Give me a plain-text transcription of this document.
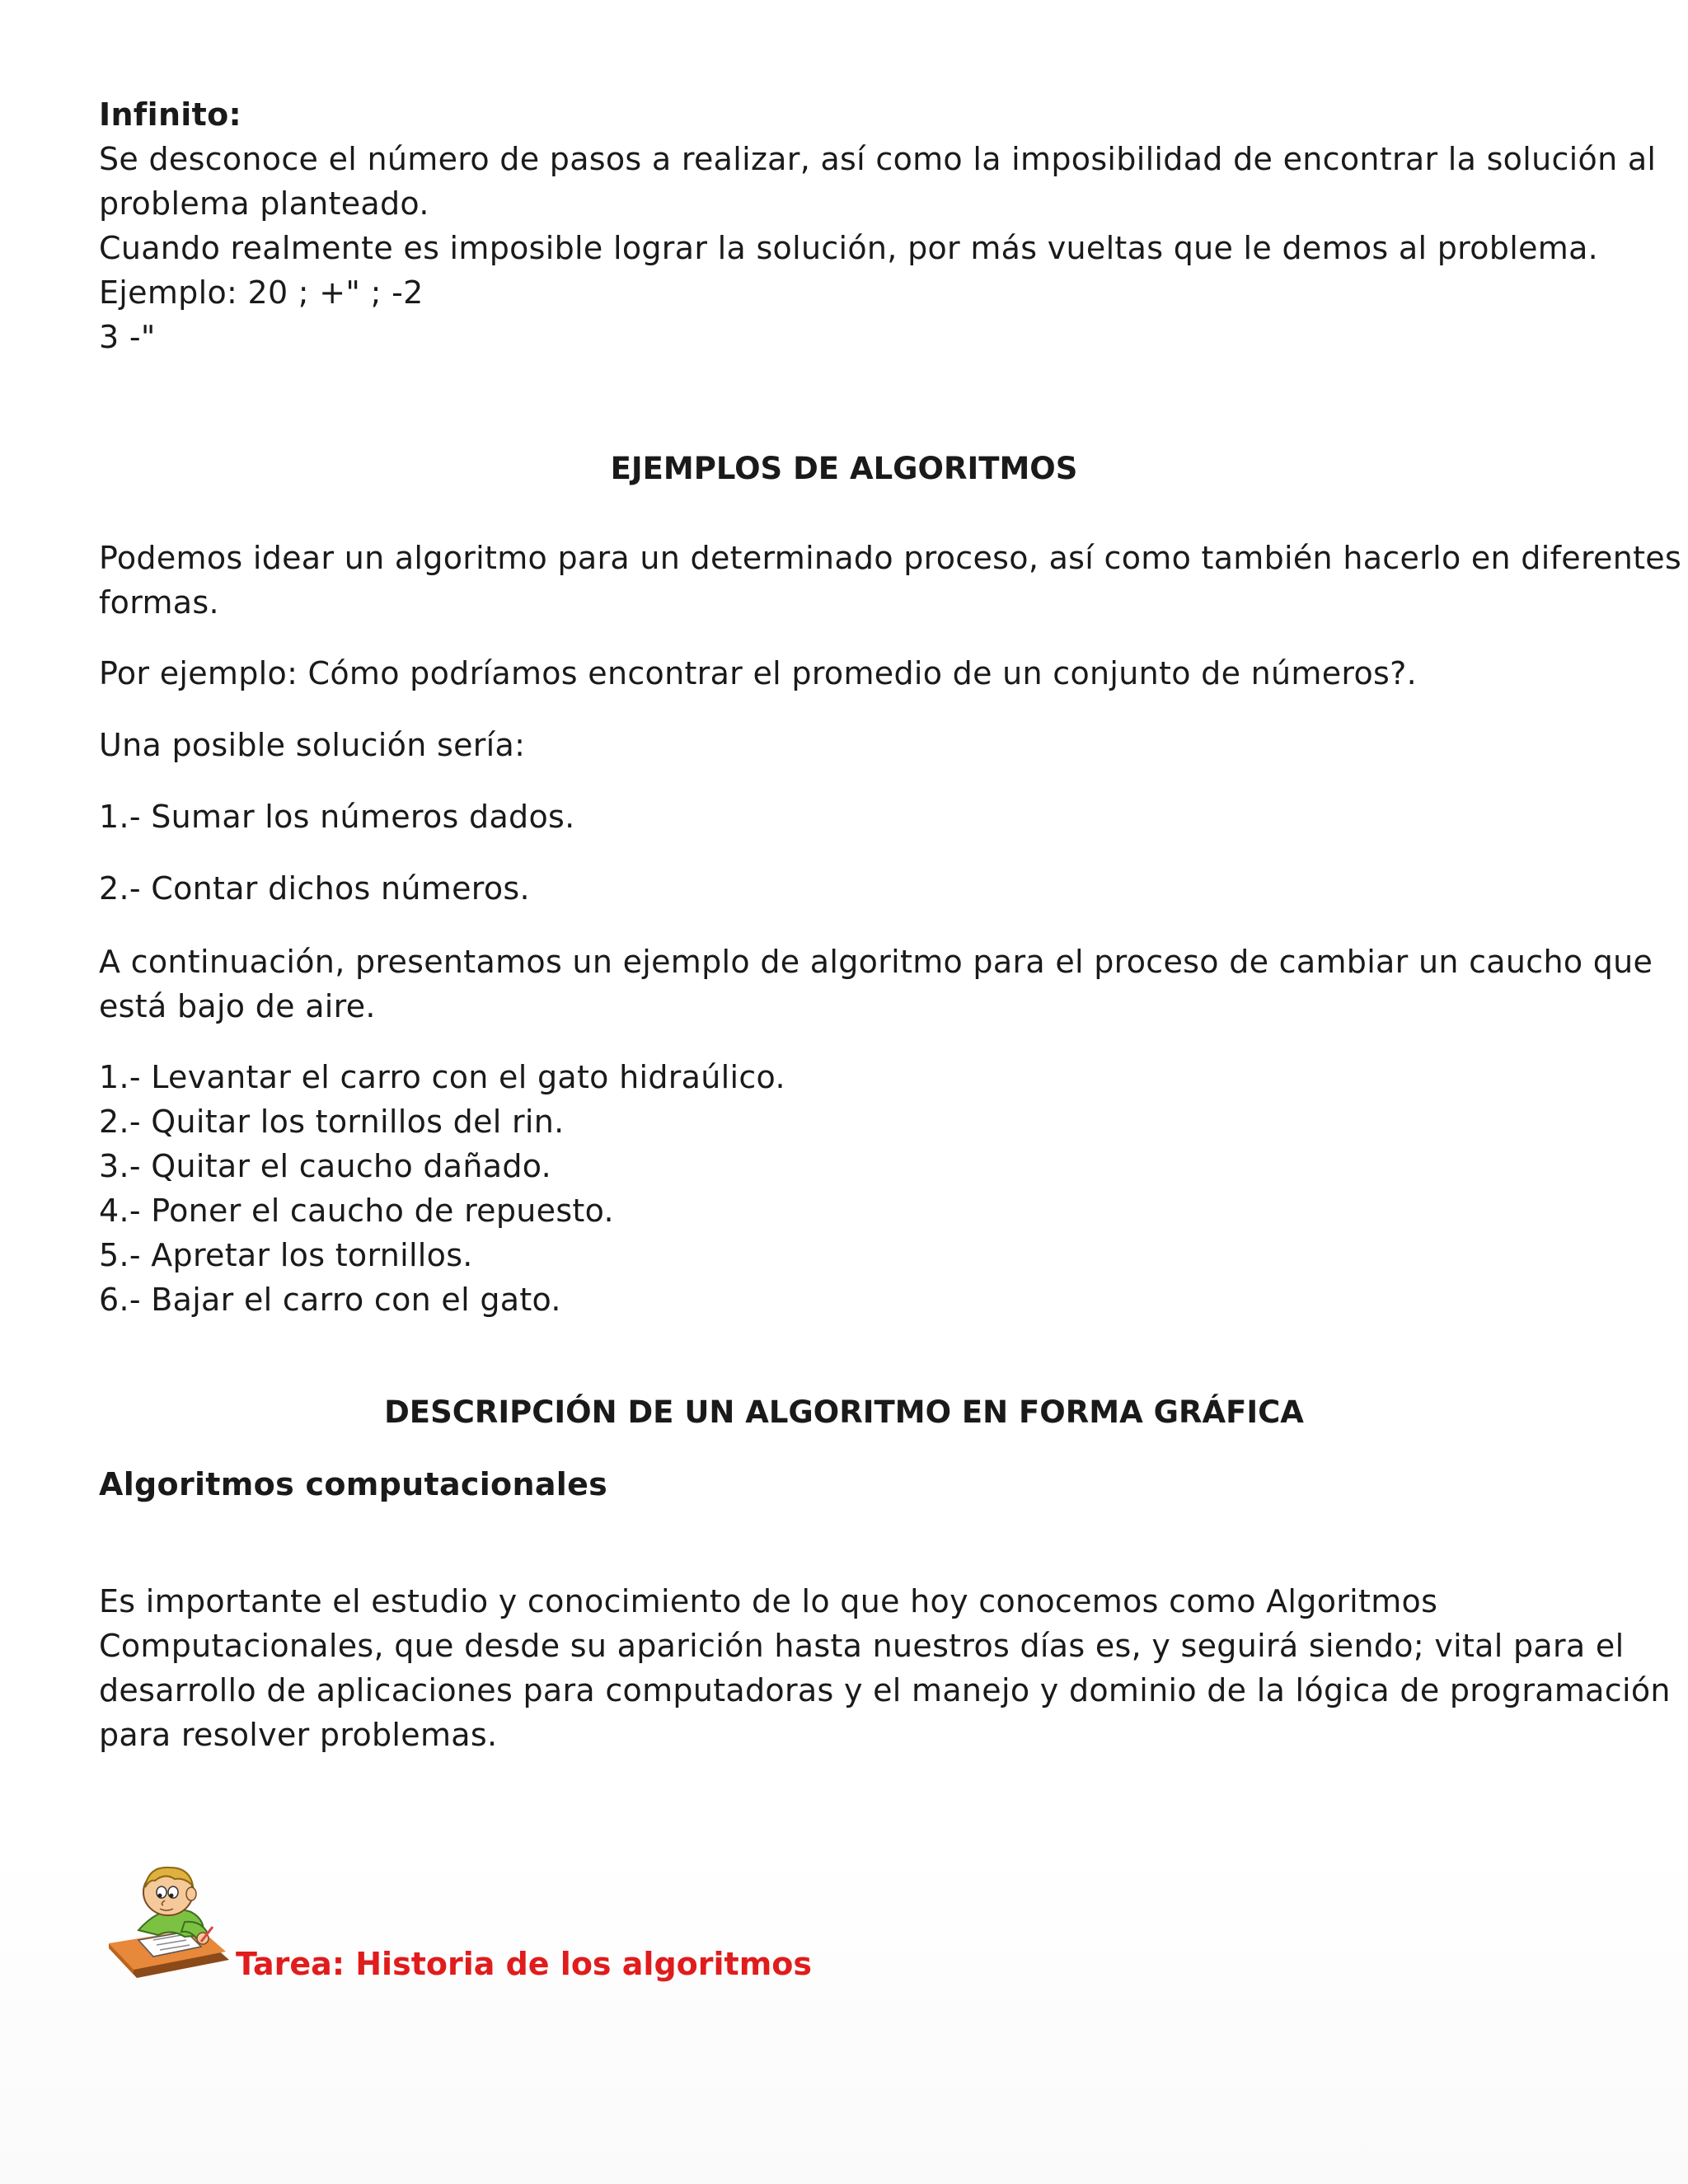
Infinito:
Se desconoce el número de pasos a realizar, así como la imposibilidad de encontrar la solución al
problema planteado.
Cuando realmente es imposible lograr la solución, por más vueltas que le demos al problema.
Ejemplo: 20 ; +" ; -2
3 -"
EJEMPLOS DE ALGORITMOS
Podemos idear un algoritmo para un determinado proceso, así como también hacerlo en diferentes
formas.
Por ejemplo: Cómo podríamos encontrar el promedio de un conjunto de números?.
Una posible solución sería:
1.- Sumar los números dados.
2.- Contar dichos números.
A continuación, presentamos un ejemplo de algoritmo para el proceso de cambiar un caucho que
está bajo de aire.
1.- Levantar el carro con el gato hidraúlico.
2.- Quitar los tornillos del rin.
3.- Quitar el caucho dañado.
4.- Poner el caucho de repuesto.
5.- Apretar los tornillos.
6.- Bajar el carro con el gato.
DESCRIPCIÓN DE UN ALGORITMO EN FORMA GRÁFICA
Algoritmos computacionales
Es importante el estudio y conocimiento de lo que hoy conocemos como Algoritmos
Computacionales, que desde su aparición hasta nuestros días es, y seguirá siendo; vital para el
desarrollo de aplicaciones para computadoras y el manejo y dominio de la lógica de programación
para resolver problemas.
Tarea: Historia de los algoritmos
